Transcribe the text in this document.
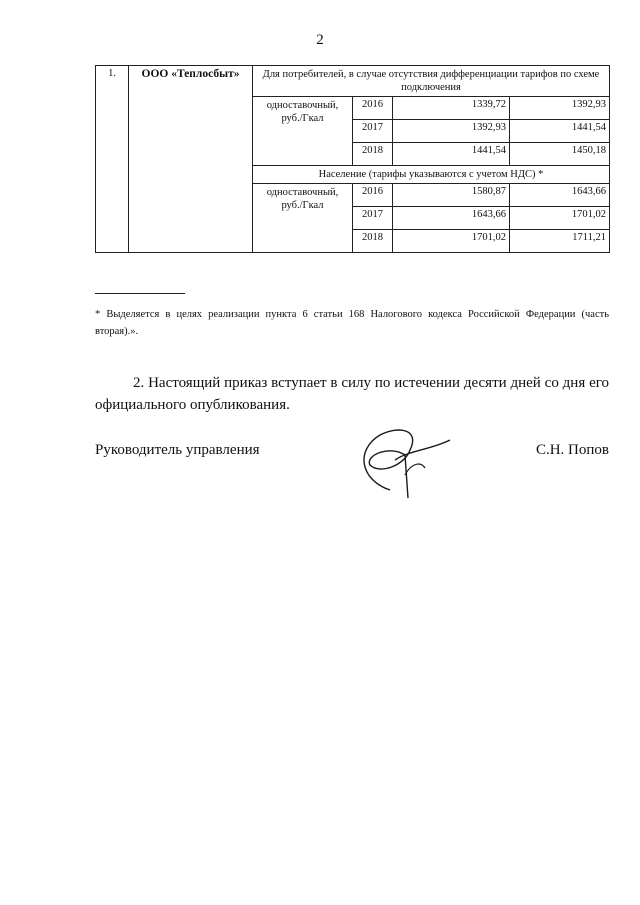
2
1.	ООО «Теплосбыт»	Для потребителей, в случае отсутствия дифференциации тарифов по схеме подключения			
		одноставочный, руб./Гкал	2016	1339,72	1392,93
			2017	1392,93	1441,54
			2018	1441,54	1450,18
		Население (тарифы указываются с учетом НДС) *			
		одноставочный, руб./Гкал	2016	1580,87	1643,66
			2017	1643,66	1701,02
			2018	1701,02	1711,21
* Выделяется в целях реализации пункта 6 статьи 168 Налогового кодекса Российской Федерации (часть вторая).».
2. Настоящий приказ вступает в силу по истечении десяти дней со дня его официального опубликования.
Руководитель управления	С.Н. Попов
